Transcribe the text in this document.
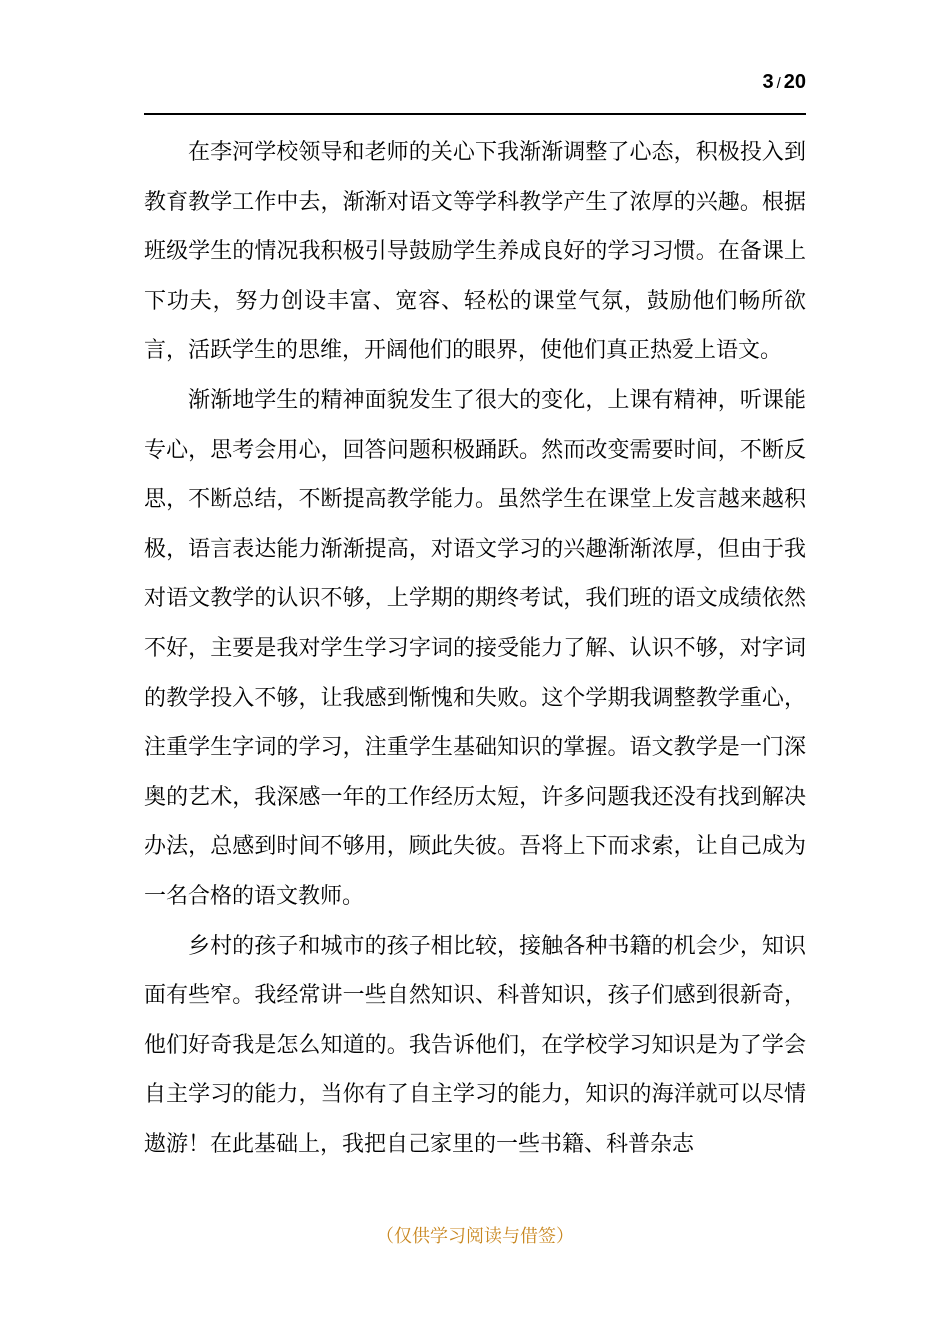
3 / 20

在李河学校领导和老师的关心下我渐渐调整了心态，积极投入到教育教学工作中去，渐渐对语文等学科教学产生了浓厚的兴趣。根据班级学生的情况我积极引导鼓励学生养成良好的学习习惯。在备课上下功夫，努力创设丰富、宽容、轻松的课堂气氛，鼓励他们畅所欲言，活跃学生的思维，开阔他们的眼界，使他们真正热爱上语文。

渐渐地学生的精神面貌发生了很大的变化，上课有精神，听课能专心，思考会用心，回答问题积极踊跃。然而改变需要时间，不断反思，不断总结，不断提高教学能力。虽然学生在课堂上发言越来越积极，语言表达能力渐渐提高，对语文学习的兴趣渐渐浓厚，但由于我对语文教学的认识不够，上学期的期终考试，我们班的语文成绩依然不好，主要是我对学生学习字词的接受能力了解、认识不够，对字词的教学投入不够，让我感到惭愧和失败。这个学期我调整教学重心，注重学生字词的学习，注重学生基础知识的掌握。语文教学是一门深奥的艺术，我深感一年的工作经历太短，许多问题我还没有找到解决办法，总感到时间不够用，顾此失彼。吾将上下而求索，让自己成为一名合格的语文教师。

乡村的孩子和城市的孩子相比较，接触各种书籍的机会少，知识面有些窄。我经常讲一些自然知识、科普知识，孩子们感到很新奇，他们好奇我是怎么知道的。我告诉他们，在学校学习知识是为了学会自主学习的能力，当你有了自主学习的能力，知识的海洋就可以尽情遨游！在此基础上，我把自己家里的一些书籍、科普杂志

（仅供学习阅读与借签）
